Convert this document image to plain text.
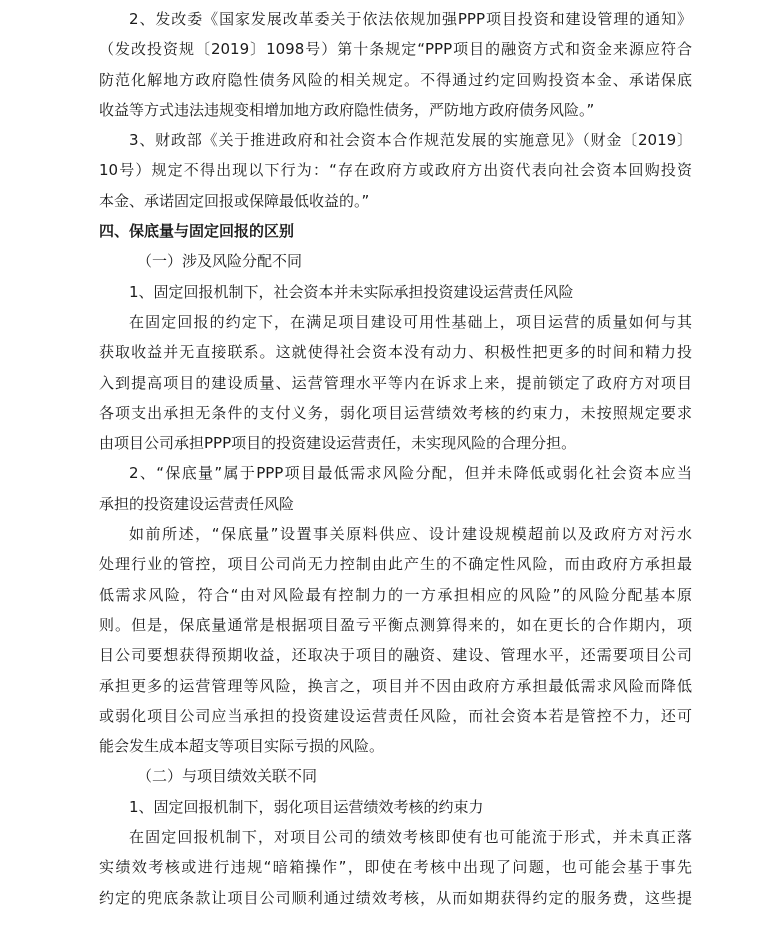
2、发改委《国家发展改革委关于依法依规加强PPP项目投资和建设管理的通知》
（发改投资规〔2019〕1098号）第十条规定“PPP项目的融资方式和资金来源应符合
防范化解地方政府隐性债务风险的相关规定。不得通过约定回购投资本金、承诺保底
收益等方式违法违规变相增加地方政府隐性债务，严防地方政府债务风险。”
3、财政部《关于推进政府和社会资本合作规范发展的实施意见》（财金〔2019〕
10号）规定不得出现以下行为：“存在政府方或政府方出资代表向社会资本回购投资
本金、承诺固定回报或保障最低收益的。”
四、保底量与固定回报的区别
（一）涉及风险分配不同
1、固定回报机制下，社会资本并未实际承担投资建设运营责任风险
在固定回报的约定下，在满足项目建设可用性基础上，项目运营的质量如何与其
获取收益并无直接联系。这就使得社会资本没有动力、积极性把更多的时间和精力投
入到提高项目的建设质量、运营管理水平等内在诉求上来，提前锁定了政府方对项目
各项支出承担无条件的支付义务，弱化项目运营绩效考核的约束力，未按照规定要求
由项目公司承担PPP项目的投资建设运营责任，未实现风险的合理分担。
2、“保底量”属于PPP项目最低需求风险分配，但并未降低或弱化社会资本应当
承担的投资建设运营责任风险
如前所述，“保底量”设置事关原料供应、设计建设规模超前以及政府方对污水
处理行业的管控，项目公司尚无力控制由此产生的不确定性风险，而由政府方承担最
低需求风险，符合“由对风险最有控制力的一方承担相应的风险”的风险分配基本原
则。但是，保底量通常是根据项目盈亏平衡点测算得来的，如在更长的合作期内，项
目公司要想获得预期收益，还取决于项目的融资、建设、管理水平，还需要项目公司
承担更多的运营管理等风险，换言之，项目并不因由政府方承担最低需求风险而降低
或弱化项目公司应当承担的投资建设运营责任风险，而社会资本若是管控不力，还可
能会发生成本超支等项目实际亏损的风险。
（二）与项目绩效关联不同
1、固定回报机制下，弱化项目运营绩效考核的约束力
在固定回报机制下，对项目公司的绩效考核即使有也可能流于形式，并未真正落
实绩效考核或进行违规“暗箱操作”，即使在考核中出现了问题，也可能会基于事先
约定的兜底条款让项目公司顺利通过绩效考核，从而如期获得约定的服务费，这些提
